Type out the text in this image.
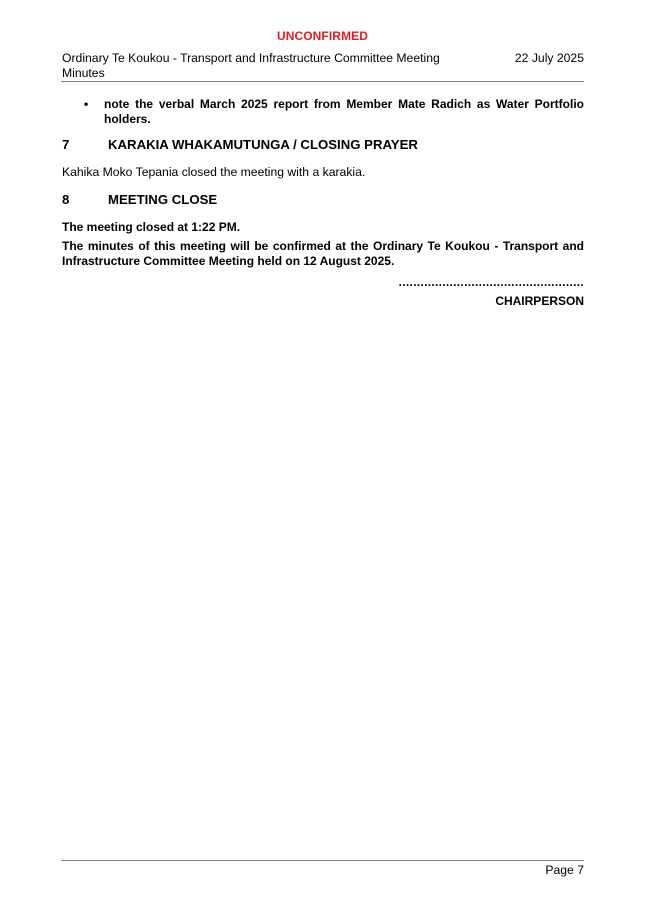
UNCONFIRMED
Ordinary Te Koukou - Transport and Infrastructure Committee Meeting Minutes
22 July 2025
• note the verbal March 2025 report from Member Mate Radich as Water Portfolio holders.
7	KARAKIA WHAKAMUTUNGA / CLOSING PRAYER
Kahika Moko Tepania closed the meeting with a karakia.
8	MEETING CLOSE
The meeting closed at 1:22 PM.
The minutes of this meeting will be confirmed at the Ordinary Te Koukou - Transport and Infrastructure Committee Meeting held on 12 August 2025.
...................................................
CHAIRPERSON
Page 7
